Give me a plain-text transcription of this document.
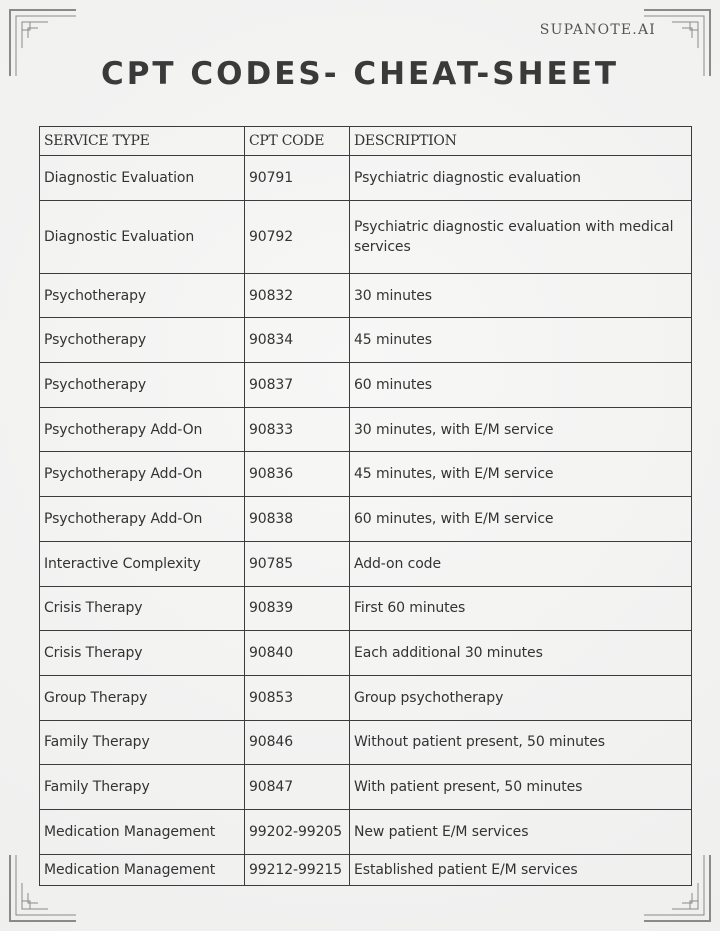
SUPANOTE.AI
CPT CODES- CHEAT-SHEET
SERVICE TYPE	CPT CODE	DESCRIPTION
Diagnostic Evaluation	90791	Psychiatric diagnostic evaluation
Diagnostic Evaluation	90792	Psychiatric diagnostic evaluation with medical services
Psychotherapy	90832	30 minutes
Psychotherapy	90834	45 minutes
Psychotherapy	90837	60 minutes
Psychotherapy Add-On	90833	30 minutes, with E/M service
Psychotherapy Add-On	90836	45 minutes, with E/M service
Psychotherapy Add-On	90838	60 minutes, with E/M service
Interactive Complexity	90785	Add-on code
Crisis Therapy	90839	First 60 minutes
Crisis Therapy	90840	Each additional 30 minutes
Group Therapy	90853	Group psychotherapy
Family Therapy	90846	Without patient present, 50 minutes
Family Therapy	90847	With patient present, 50 minutes
Medication Management	99202-99205	New patient E/M services
Medication Management	99212-99215	Established patient E/M services
